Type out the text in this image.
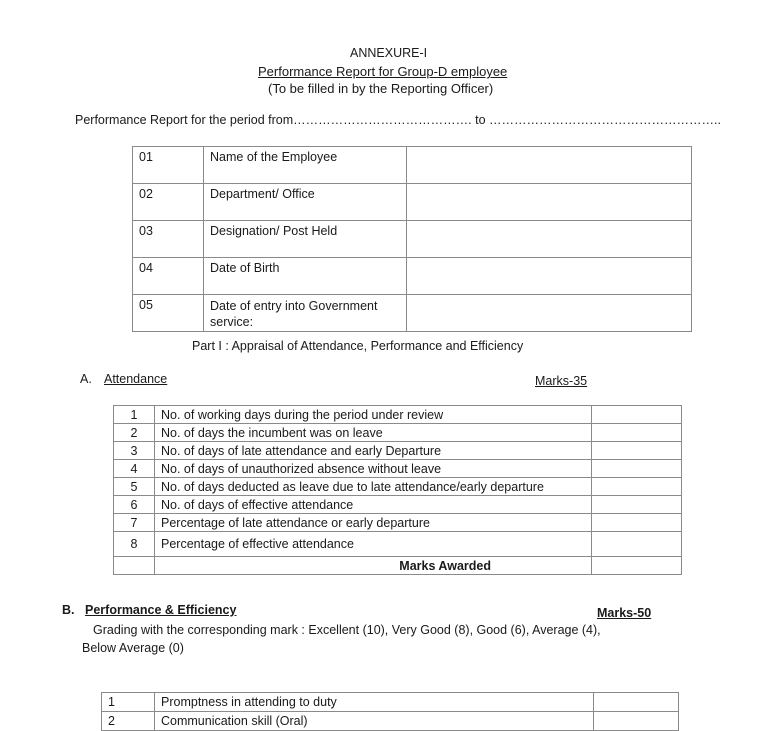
ANNEXURE-I
Performance Report for Group-D employee
(To be filled in by the Reporting Officer)
Performance Report for the period from……………………………………. to ………………………………………………..
01	Name of the Employee	
02	Department/ Office	
03	Designation/ Post Held	
04	Date of Birth	
05	Date of entry into Government service:	
Part I : Appraisal of Attendance, Performance and Efficiency
A. Attendance	Marks-35
1	No. of working days during the period under review	
2	No. of days the incumbent was on leave	
3	No. of days of late attendance and early Departure	
4	No. of days of unauthorized absence without leave	
5	No. of days deducted as leave due to late attendance/early departure	
6	No. of days of effective attendance	
7	Percentage of late attendance or early departure	
8	Percentage of effective attendance	
	Marks Awarded	
B. Performance & Efficiency	Marks-50
Grading with the corresponding mark : Excellent (10), Very Good (8), Good (6), Average (4),
Below Average (0)
1	Promptness in attending to duty	
2	Communication skill (Oral)	
